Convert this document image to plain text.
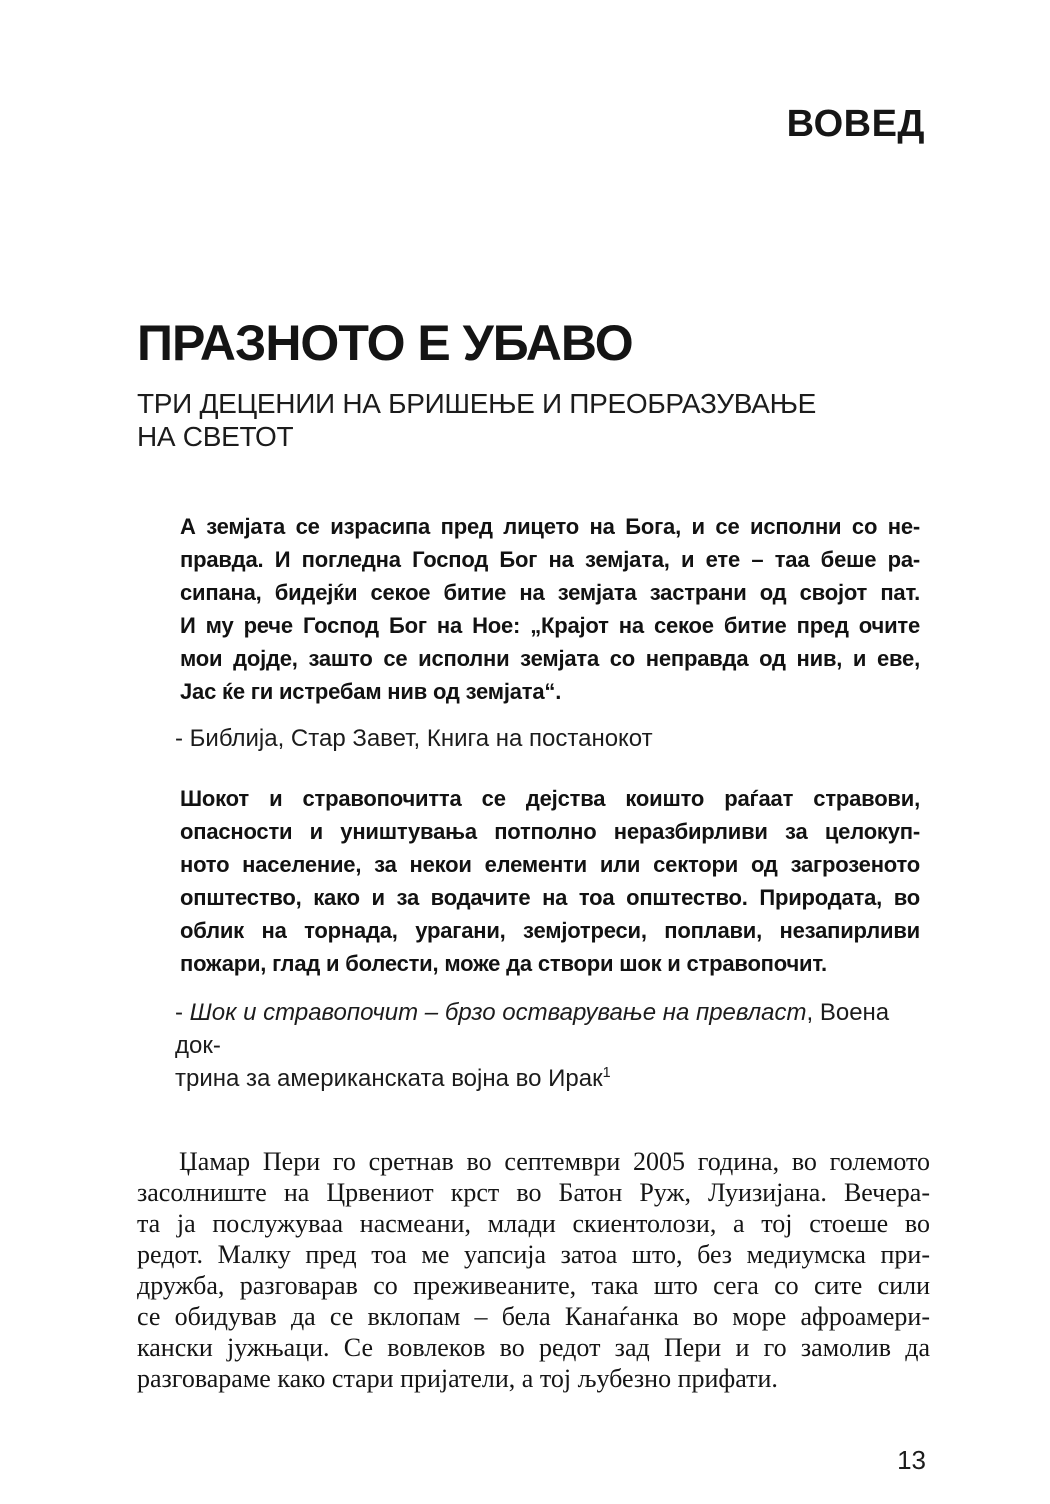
ВОВЕД
ПРАЗНОТО Е УБАВО
ТРИ ДЕЦЕНИИ НА БРИШЕЊЕ И ПРЕОБРАЗУВАЊЕ
НА СВЕТОТ
А земјата се израсипа пред лицето на Бога, и се исполни со не-
правда. И погледна Господ Бог на земјата, и ете – таа беше ра-
сипана, бидејќи секое битие на земјата застрани од својот пат.
И му рече Господ Бог на Ное: „Крајот на секое битие пред очите
мои дојде, зашто се исполни земјата со неправда од нив, и еве,
Јас ќе ги истребам нив од земјата“.
- Библија, Стар Завет, Книга на постанокот
Шокот и стравопочитта се дејства коишто раѓаат стравови,
опасности и уништувања потполно неразбирливи за целокуп-
ното население, за некои елементи или сектори од загрозеното
општество, како и за водачите на тоа општество. Природата, во
облик на торнада, урагани, земјотреси, поплави, незапирливи
пожари, глад и болести, може да створи шок и стравопочит.
- Шок и стравопочит – брзо остварување на превласт, Воена док-
трина за американската војна во Ирак$^1$
Џамар Пери го сретнав во септември 2005 година, во големото
засолниште на Црвениот крст во Батон Руж, Луизијана. Вечера-
та ја послужуваа насмеани, млади скиентолози, а тој стоеше во
редот. Малку пред тоа ме уапсија затоа што, без медиумска при-
дружба, разговарав со преживеаните, така што сега со сите сили
се обидував да се вклопам – бела Канаѓанка во море афроамери-
кански јужњаци. Се вовлеков во редот зад Пери и го замолив да
разговараме како стари пријатели, а тој љубезно прифати.
13
